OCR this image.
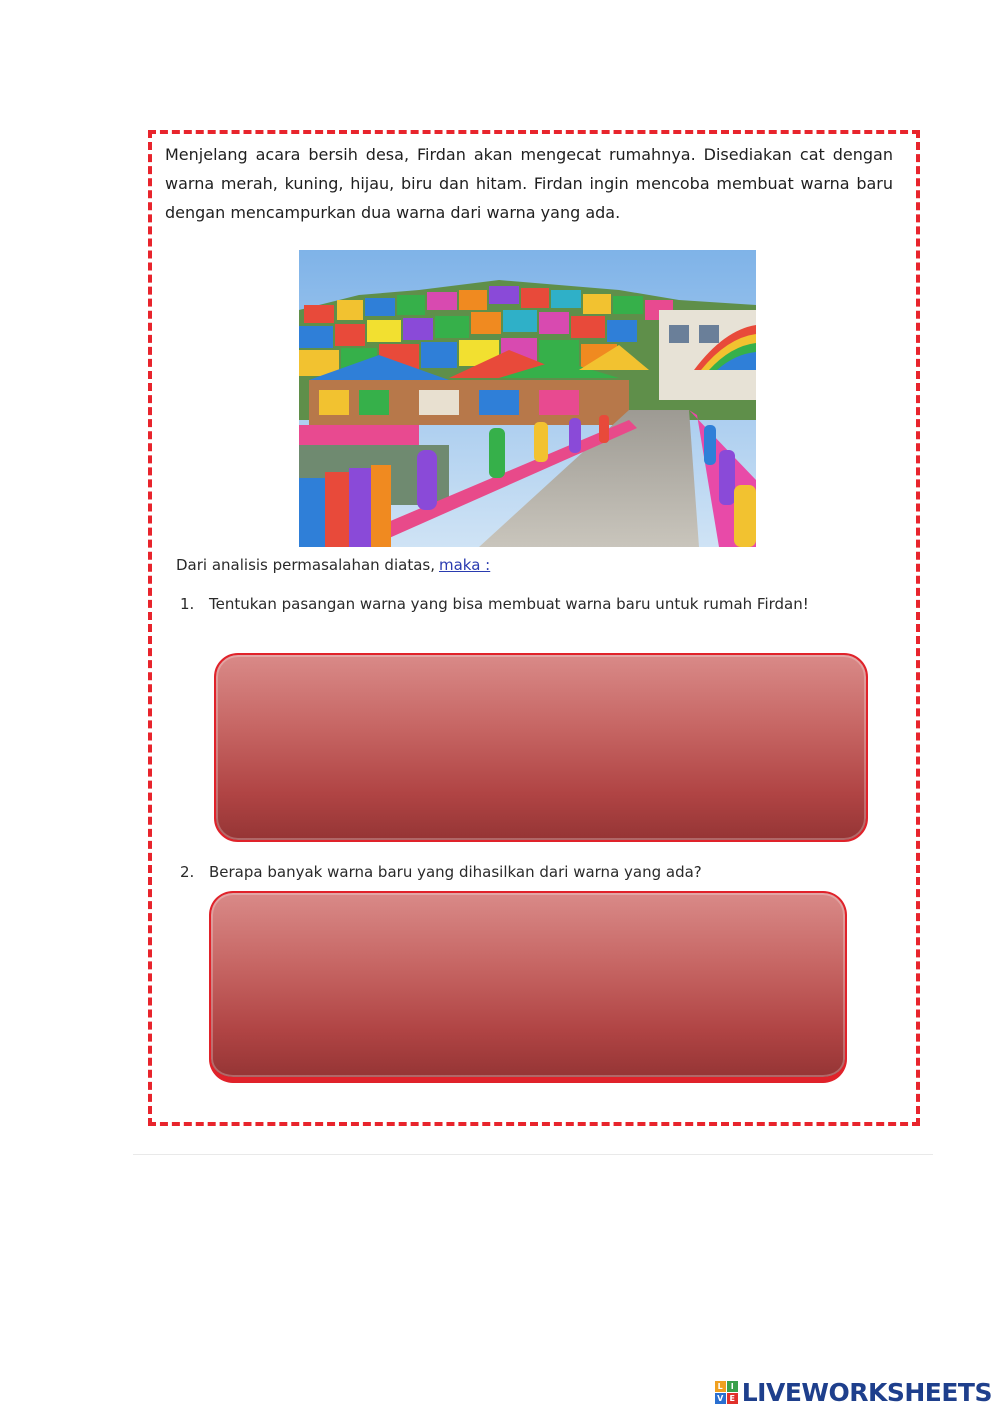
Menjelang acara bersih desa, Firdan akan mengecat rumahnya. Disediakan cat dengan warna merah, kuning, hijau, biru dan hitam. Firdan ingin mencoba membuat warna baru dengan mencampurkan dua warna dari warna yang ada.

Dari analisis permasalahan diatas, maka :
1. Tentukan pasangan warna yang bisa membuat warna baru untuk rumah Firdan!
2. Berapa banyak warna baru yang dihasilkan dari warna yang ada?
L I
V E LIVEWORKSHEETS
